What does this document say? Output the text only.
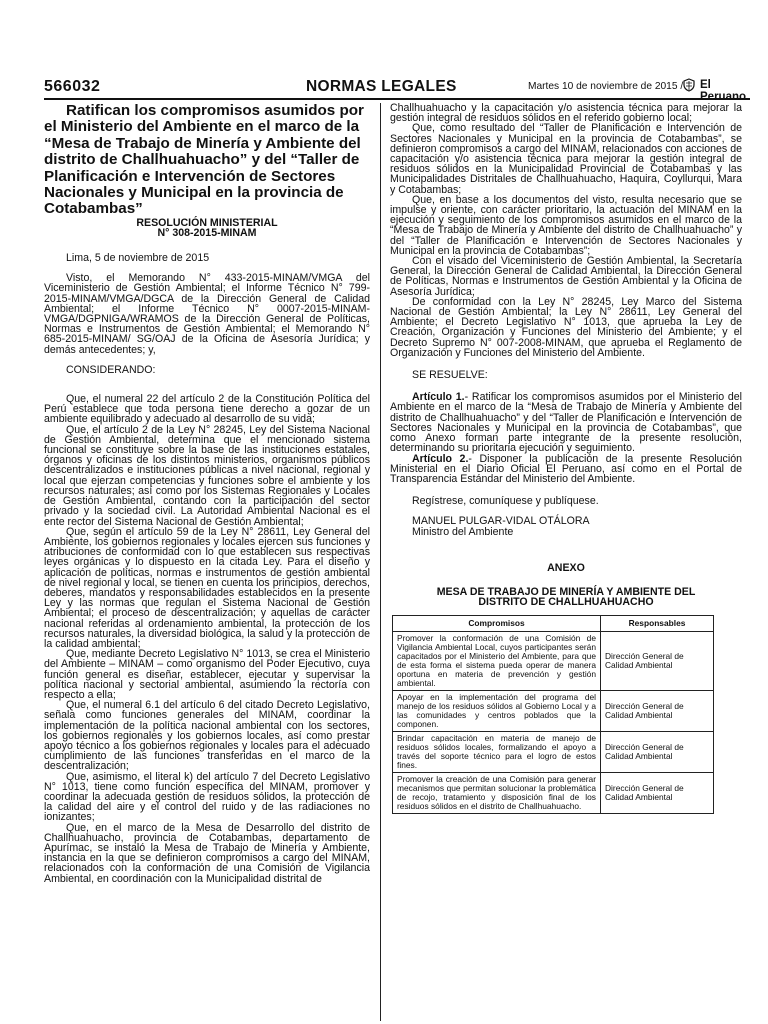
566032	NORMAS LEGALES	Martes 10 de noviembre de 2015 / El Peruano

Ratifican los compromisos asumidos por el Ministerio del Ambiente en el marco de la “Mesa de Trabajo de Minería y Ambiente del distrito de Challhuahuacho” y del “Taller de Planificación e Intervención de Sectores Nacionales y Municipal en la provincia de Cotabambas”

RESOLUCIÓN MINISTERIAL
N° 308-2015-MINAM

Lima, 5 de noviembre de 2015

Visto, el Memorando N° 433-2015-MINAM/VMGA del Viceministerio de Gestión Ambiental; el Informe Técnico N° 799-2015-MINAM/VMGA/DGCA de la Dirección General de Calidad Ambiental; el Informe Técnico N° 0007-2015-MINAM-VMGA/DGPNIGA/WRAMOS de la Dirección General de Políticas, Normas e Instrumentos de Gestión Ambiental; el Memorando N° 685-2015-MINAM/ SG/OAJ de la Oficina de Asesoría Jurídica; y demás antecedentes; y,

CONSIDERANDO:

Que, el numeral 22 del artículo 2 de la Constitución Política del Perú establece que toda persona tiene derecho a gozar de un ambiente equilibrado y adecuado al desarrollo de su vida;

Que, el artículo 2 de la Ley N° 28245, Ley del Sistema Nacional de Gestión Ambiental, determina que el mencionado sistema funcional se constituye sobre la base de las instituciones estatales, órganos y oficinas de los distintos ministerios, organismos públicos descentralizados e instituciones públicas a nivel nacional, regional y local que ejerzan competencias y funciones sobre el ambiente y los recursos naturales; así como por los Sistemas Regionales y Locales de Gestión Ambiental, contando con la participación del sector privado y la sociedad civil. La Autoridad Ambiental Nacional es el ente rector del Sistema Nacional de Gestión Ambiental;

Que, según el artículo 59 de la Ley N° 28611, Ley General del Ambiente, los gobiernos regionales y locales ejercen sus funciones y atribuciones de conformidad con lo que establecen sus respectivas leyes orgánicas y lo dispuesto en la citada Ley. Para el diseño y aplicación de políticas, normas e instrumentos de gestión ambiental de nivel regional y local, se tienen en cuenta los principios, derechos, deberes, mandatos y responsabilidades establecidos en la presente Ley y las normas que regulan el Sistema Nacional de Gestión Ambiental; el proceso de descentralización; y aquellas de carácter nacional referidas al ordenamiento ambiental, la protección de los recursos naturales, la diversidad biológica, la salud y la protección de la calidad ambiental;

Que, mediante Decreto Legislativo N° 1013, se crea el Ministerio del Ambiente – MINAM – como organismo del Poder Ejecutivo, cuya función general es diseñar, establecer, ejecutar y supervisar la política nacional y sectorial ambiental, asumiendo la rectoría con respecto a ella;

Que, el numeral 6.1 del artículo 6 del citado Decreto Legislativo, señala como funciones generales del MINAM, coordinar la implementación de la política nacional ambiental con los sectores, los gobiernos regionales y los gobiernos locales, así como prestar apoyo técnico a los gobiernos regionales y locales para el adecuado cumplimiento de las funciones transferidas en el marco de la descentralización;

Que, asimismo, el literal k) del artículo 7 del Decreto Legislativo N° 1013, tiene como función específica del MINAM, promover y coordinar la adecuada gestión de residuos sólidos, la protección de la calidad del aire y el control del ruido y de las radiaciones no ionizantes;

Que, en el marco de la Mesa de Desarrollo del distrito de Challhuahuacho, provincia de Cotabambas, departamento de Apurímac, se instaló la Mesa de Trabajo de Minería y Ambiente, instancia en la que se definieron compromisos a cargo del MINAM, relacionados con la conformación de una Comisión de Vigilancia Ambiental, en coordinación con la Municipalidad distrital de

Challhuahuacho y la capacitación y/o asistencia técnica para mejorar la gestión integral de residuos sólidos en el referido gobierno local;

Que, como resultado del “Taller de Planificación e Intervención de Sectores Nacionales y Municipal en la provincia de Cotabambas”, se definieron compromisos a cargo del MINAM, relacionados con acciones de capacitación y/o asistencia técnica para mejorar la gestión integral de residuos sólidos en la Municipalidad Provincial de Cotabambas y las Municipalidades Distritales de Challhuahuacho, Haquira, Coyllurqui, Mara y Cotabambas;

Que, en base a los documentos del visto, resulta necesario que se impulse y oriente, con carácter prioritario, la actuación del MINAM en la ejecución y seguimiento de los compromisos asumidos en el marco de la “Mesa de Trabajo de Minería y Ambiente del distrito de Challhuahuacho” y del “Taller de Planificación e Intervención de Sectores Nacionales y Municipal en la provincia de Cotabambas”;

Con el visado del Viceministerio de Gestión Ambiental, la Secretaría General, la Dirección General de Calidad Ambiental, la Dirección General de Políticas, Normas e Instrumentos de Gestión Ambiental y la Oficina de Asesoría Jurídica;

De conformidad con la Ley N° 28245, Ley Marco del Sistema Nacional de Gestión Ambiental; la Ley N° 28611, Ley General del Ambiente; el Decreto Legislativo N° 1013, que aprueba la Ley de Creación, Organización y Funciones del Ministerio del Ambiente; y el Decreto Supremo N° 007-2008-MINAM, que aprueba el Reglamento de Organización y Funciones del Ministerio del Ambiente.

SE RESUELVE:

Artículo 1.- Ratificar los compromisos asumidos por el Ministerio del Ambiente en el marco de la “Mesa de Trabajo de Minería y Ambiente del distrito de Challhuahuacho” y del “Taller de Planificación e Intervención de Sectores Nacionales y Municipal en la provincia de Cotabambas”, que como Anexo forman parte integrante de la presente resolución, determinando su prioritaria ejecución y seguimiento.

Artículo 2.- Disponer la publicación de la presente Resolución Ministerial en el Diario Oficial El Peruano, así como en el Portal de Transparencia Estándar del Ministerio del Ambiente.

Regístrese, comuníquese y publíquese.

MANUEL PULGAR-VIDAL OTÁLORA

Ministro del Ambiente

ANEXO

MESA DE TRABAJO DE MINERÍA Y AMBIENTE DEL DISTRITO DE CHALLHUAHUACHO

Compromisos	Responsables
Promover la conformación de una Comisión de Vigilancia Ambiental Local, cuyos participantes serán capacitados por el Ministerio del Ambiente, para que de esta forma el sistema pueda operar de manera oportuna en materia de prevención y gestión ambiental.	Dirección General de Calidad Ambiental
Apoyar en la implementación del programa del manejo de los residuos sólidos al Gobierno Local y a las comunidades y centros poblados que la componen.	Dirección General de Calidad Ambiental
Brindar capacitación en materia de manejo de residuos sólidos locales, formalizando el apoyo a través del soporte técnico para el logro de estos fines.	Dirección General de Calidad Ambiental
Promover la creación de una Comisión para generar mecanismos que permitan solucionar la problemática de recojo, tratamiento y disposición final de los residuos sólidos en el distrito de Challhuahuacho.	Dirección General de Calidad Ambiental
